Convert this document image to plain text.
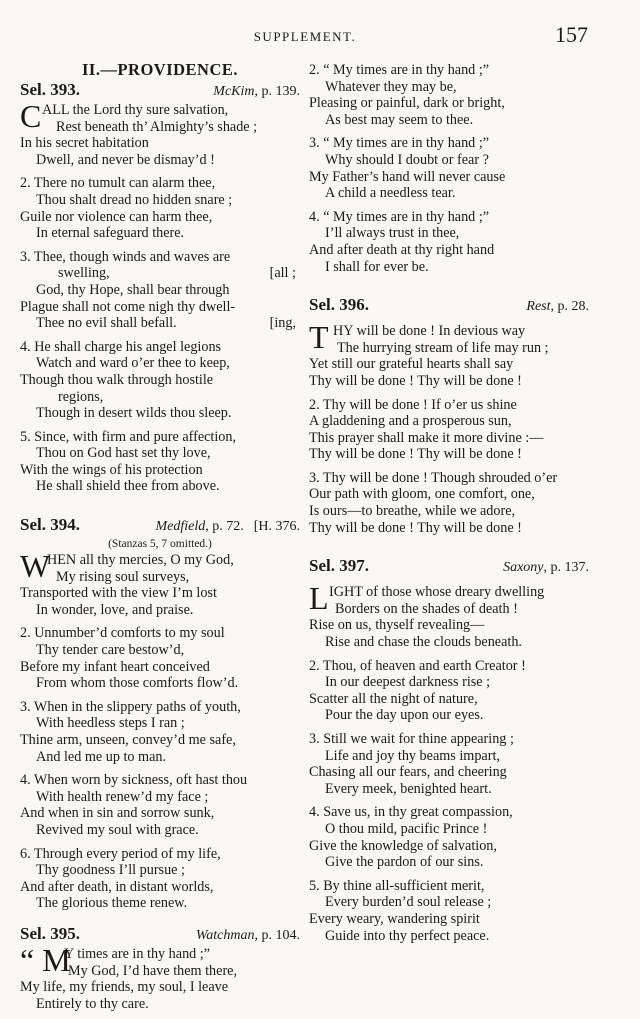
SUPPLEMENT.	157
II.—PROVIDENCE.
Sel. 393.	McKim, p. 139.
C ALL the Lord thy sure salvation,
Rest beneath th’ Almighty’s shade ;
In his secret habitation
Dwell, and never be dismay’d !
2. There no tumult can alarm thee,
Thou shalt dread no hidden snare ;
Guile nor violence can harm thee,
In eternal safeguard there.
3. Thee, though winds and waves are
swelling,	[all ;
God, thy Hope, shall bear through
Plague shall not come nigh thy dwell-
Thee no evil shall befall.	[ing,
4. He shall charge his angel legions
Watch and ward o’er thee to keep,
Though thou walk through hostile
regions,
Though in desert wilds thou sleep.
5. Since, with firm and pure affection,
Thou on God hast set thy love,
With the wings of his protection
He shall shield thee from above.
Sel. 394.	Medfield, p. 72. [H. 376.
(Stanzas 5, 7 omitted.)
W
HEN all thy mercies, O my God,
My rising soul surveys,
Transported with the view I’m lost
In wonder, love, and praise.
2. Unnumber’d comforts to my soul
Thy tender care bestow’d,
Before my infant heart conceived
From whom those comforts flow’d.
3. When in the slippery paths of youth,
With heedless steps I ran ;
Thine arm, unseen, convey’d me safe,
And led me up to man.
4. When worn by sickness, oft hast thou
With health renew’d my face ;
And when in sin and sorrow sunk,
Revived my soul with grace.
6. Through every period of my life,
Thy goodness I’ll pursue ;
And after death, in distant worlds,
The glorious theme renew.
Sel. 395.	Watchman, p. 104.
“ M
Y times are in thy hand ;”
My God, I’d have them there,
My life, my friends, my soul, I leave
Entirely to thy care.
2. “ My times are in thy hand ;”
Whatever they may be,
Pleasing or painful, dark or bright,
As best may seem to thee.
3. “ My times are in thy hand ;”
Why should I doubt or fear ?
My Father’s hand will never cause
A child a needless tear.
4. “ My times are in thy hand ;”
I’ll always trust in thee,
And after death at thy right hand
I shall for ever be.
Sel. 396.	Rest, p. 28.
T HY will be done ! In devious way
The hurrying stream of life may run ;
Yet still our grateful hearts shall say
Thy will be done ! Thy will be done !
2. Thy will be done ! If o’er us shine
A gladdening and a prosperous sun,
This prayer shall make it more divine :—
Thy will be done ! Thy will be done !
3. Thy will be done ! Though shrouded o’er
Our path with gloom, one comfort, one,
Is ours—to breathe, while we adore,
Thy will be done ! Thy will be done !
Sel. 397.	Saxony, p. 137.
L IGHT of those whose dreary dwelling
Borders on the shades of death !
Rise on us, thyself revealing—
Rise and chase the clouds beneath.
2. Thou, of heaven and earth Creator !
In our deepest darkness rise ;
Scatter all the night of nature,
Pour the day upon our eyes.
3. Still we wait for thine appearing ;
Life and joy thy beams impart,
Chasing all our fears, and cheering
Every meek, benighted heart.
4. Save us, in thy great compassion,
O thou mild, pacific Prince !
Give the knowledge of salvation,
Give the pardon of our sins.
5. By thine all-sufficient merit,
Every burden’d soul release ;
Every weary, wandering spirit
Guide into thy perfect peace.
